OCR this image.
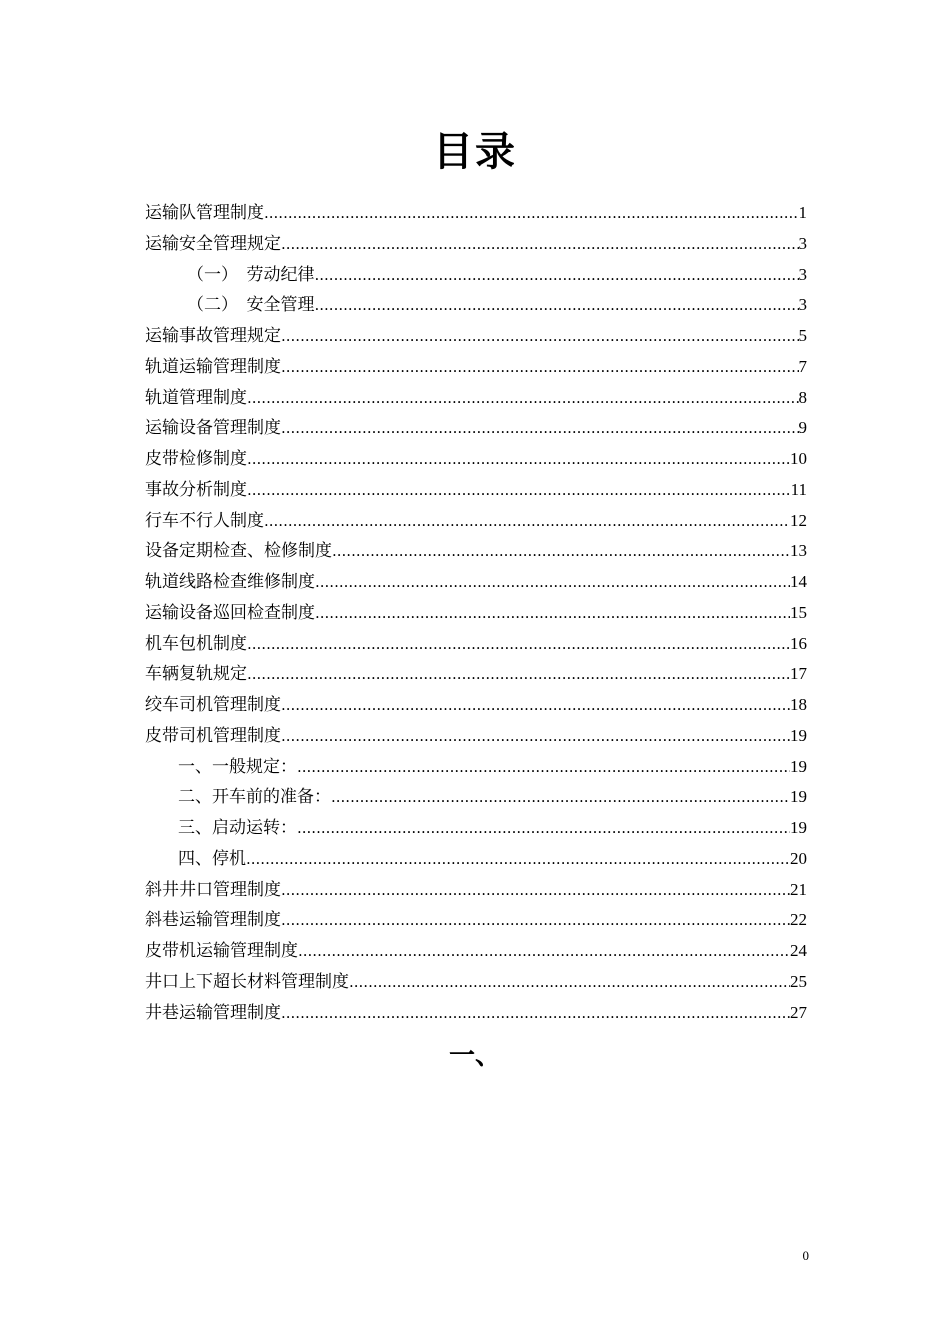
目录
运输队管理制度 .....	1
运输安全管理规定 .....	3
（一）　劳动纪律 .....	3
（二）　安全管理 .....	3
运输事故管理规定 .....	5
轨道运输管理制度 .....	7
轨道管理制度 .....	8
运输设备管理制度 .....	9
皮带检修制度 .....	10
事故分析制度 .....	11
行车不行人制度 .....	12
设备定期检查、检修制度 .....	13
轨道线路检查维修制度 .....	14
运输设备巡回检查制度 .....	15
机车包机制度 .....	16
车辆复轨规定 .....	17
绞车司机管理制度 .....	18
皮带司机管理制度 .....	19
一、一般规定： .....	19
二、开车前的准备： .....	19
三、启动运转： .....	19
四、停机 .....	20
斜井井口管理制度 .....	21
斜巷运输管理制度 .....	22
皮带机运输管理制度 .....	24
井口上下超长材料管理制度 .....	25
井巷运输管理制度 .....	27
一、
0
